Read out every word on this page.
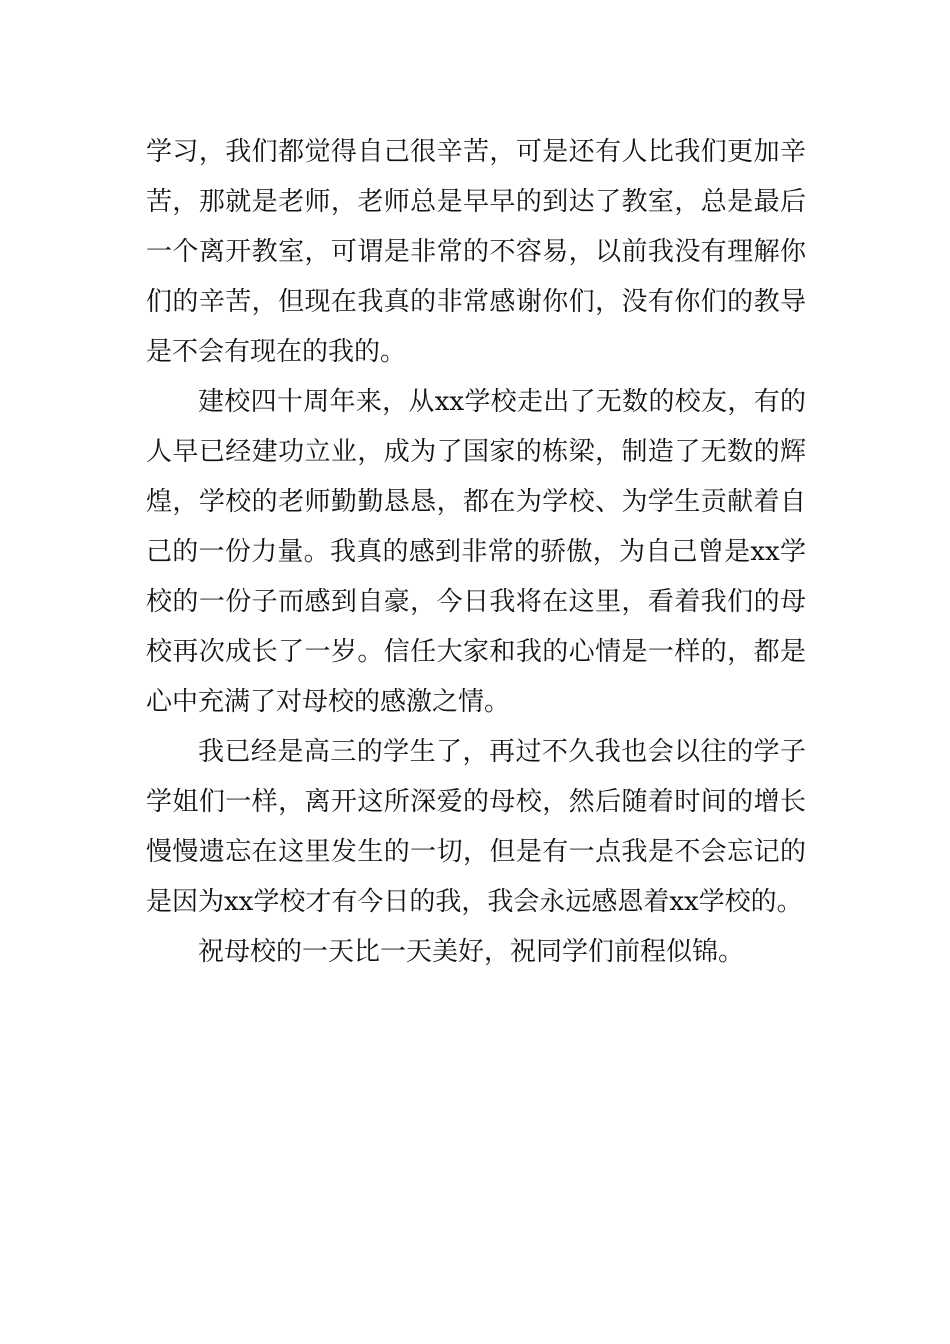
学习，我们都觉得自己很辛苦，可是还有人比我们更加辛苦，那就是老师，老师总是早早的到达了教室，总是最后一个离开教室，可谓是非常的不容易，以前我没有理解你们的辛苦，但现在我真的非常感谢你们，没有你们的教导是不会有现在的我的。

建校四十周年来，从xx学校走出了无数的校友，有的人早已经建功立业，成为了国家的栋梁，制造了无数的辉煌，学校的老师勤勤恳恳，都在为学校、为学生贡献着自己的一份力量。我真的感到非常的骄傲，为自己曾是xx学校的一份子而感到自豪，今日我将在这里，看着我们的母校再次成长了一岁。信任大家和我的心情是一样的，都是心中充满了对母校的感激之情。

我已经是高三的学生了，再过不久我也会以往的学子学姐们一样，离开这所深爱的母校，然后随着时间的增长慢慢遗忘在这里发生的一切，但是有一点我是不会忘记的是因为xx学校才有今日的我，我会永远感恩着xx学校的。

祝母校的一天比一天美好，祝同学们前程似锦。
